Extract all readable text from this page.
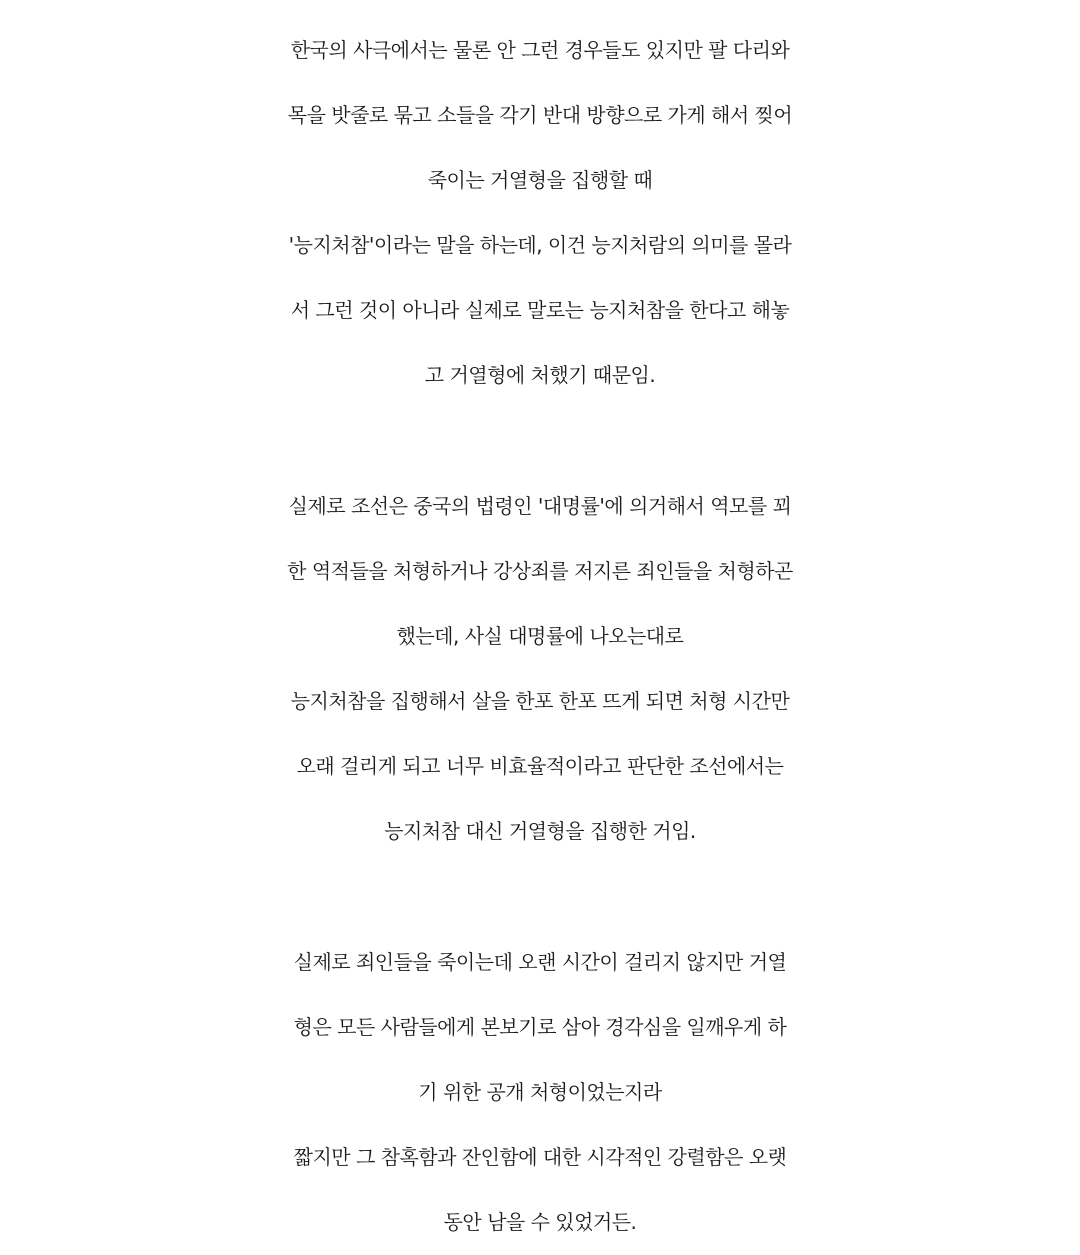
한국의 사극에서는 물론 안 그런 경우들도 있지만 팔 다리와
목을 밧줄로 묶고 소들을 각기 반대 방향으로 가게 해서 찢어
죽이는 거열형을 집행할 때
'능지처참'이라는 말을 하는데, 이건 능지처람의 의미를 몰라
서 그런 것이 아니라 실제로 말로는 능지처참을 한다고 해놓
고 거열형에 처했기 때문임.
실제로 조선은 중국의 법령인 '대명률'에 의거해서 역모를 꾀
한 역적들을 처형하거나 강상죄를 저지른 죄인들을 처형하곤
했는데, 사실 대명률에 나오는대로
능지처참을 집행해서 살을 한포 한포 뜨게 되면 처형 시간만
오래 걸리게 되고 너무 비효율적이라고 판단한 조선에서는
능지처참 대신 거열형을 집행한 거임.
실제로 죄인들을 죽이는데 오랜 시간이 걸리지 않지만 거열
형은 모든 사람들에게 본보기로 삼아 경각심을 일깨우게 하
기 위한 공개 처형이었는지라
짧지만 그 참혹함과 잔인함에 대한 시각적인 강렬함은 오랫
동안 남을 수 있었거든.
